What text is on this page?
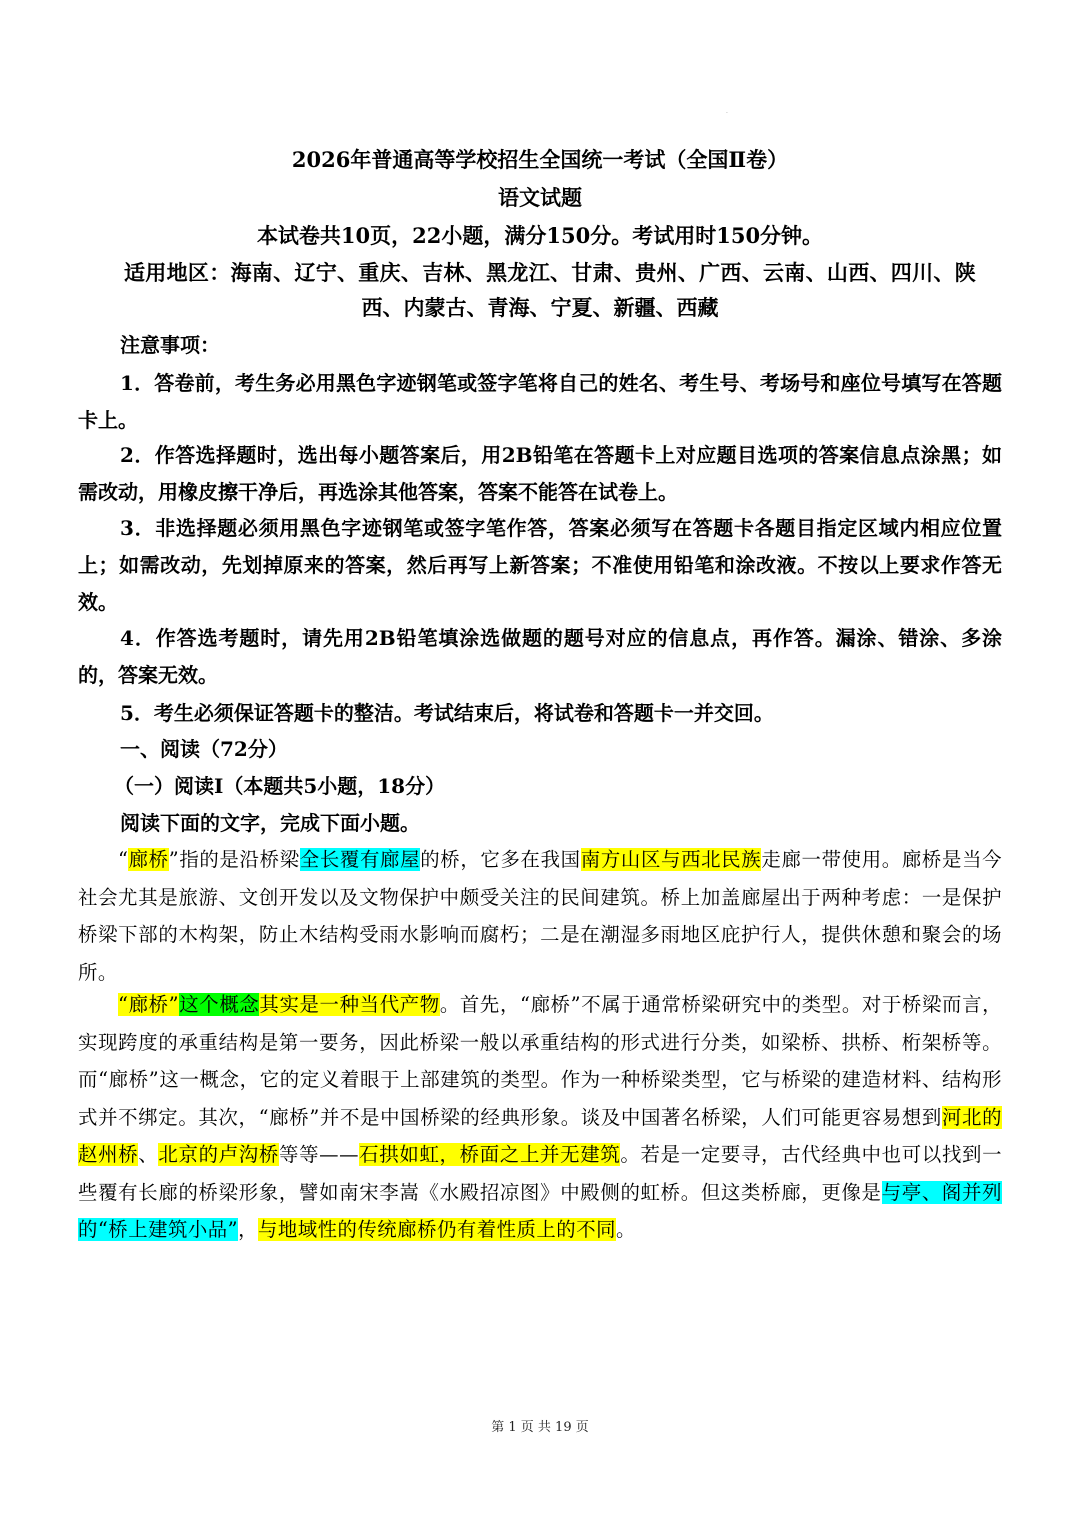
·
2026年普通高等学校招生全国统一考试（全国Ⅱ卷）
语文试题
本试卷共10页，22小题，满分150分。考试用时150分钟。
适用地区：海南、辽宁、重庆、吉林、黑龙江、甘肃、贵州、广西、云南、山西、四川、陕
西、内蒙古、青海、宁夏、新疆、西藏
注意事项：
1．答卷前，考生务必用黑色字迹钢笔或签字笔将自己的姓名、考生号、考场号和座位号填写在答题卡上。
2．作答选择题时，选出每小题答案后，用2B铅笔在答题卡上对应题目选项的答案信息点涂黑；如需改动，用橡皮擦干净后，再选涂其他答案，答案不能答在试卷上。
3．非选择题必须用黑色字迹钢笔或签字笔作答，答案必须写在答题卡各题目指定区域内相应位置上；如需改动，先划掉原来的答案，然后再写上新答案；不准使用铅笔和涂改液。不按以上要求作答无效。
4．作答选考题时，请先用2B铅笔填涂选做题的题号对应的信息点，再作答。漏涂、错涂、多涂的，答案无效。
5．考生必须保证答题卡的整洁。考试结束后，将试卷和答题卡一并交回。
一、阅读（72分）
（一）阅读I（本题共5小题，18分）
阅读下面的文字，完成下面小题。
“廊桥”指的是沿桥梁全长覆有廊屋的桥，它多在我国南方山区与西北民族走廊一带使用。廊桥是当今社会尤其是旅游、文创开发以及文物保护中颇受关注的民间建筑。桥上加盖廊屋出于两种考虑：一是保护桥梁下部的木构架，防止木结构受雨水影响而腐朽；二是在潮湿多雨地区庇护行人，提供休憩和聚会的场所。
“廊桥”这个概念其实是一种当代产物。首先，“廊桥”不属于通常桥梁研究中的类型。对于桥梁而言，实现跨度的承重结构是第一要务，因此桥梁一般以承重结构的形式进行分类，如梁桥、拱桥、桁架桥等。而“廊桥”这一概念，它的定义着眼于上部建筑的类型。作为一种桥梁类型，它与桥梁的建造材料、结构形式并不绑定。其次，“廊桥”并不是中国桥梁的经典形象。谈及中国著名桥梁，人们可能更容易想到河北的赵州桥、北京的卢沟桥等等——石拱如虹，桥面之上并无建筑。若是一定要寻，古代经典中也可以找到一些覆有长廊的桥梁形象，譬如南宋李嵩《水殿招凉图》中殿侧的虹桥。但这类桥廊，更像是与亭、阁并列的“桥上建筑小品”，与地域性的传统廊桥仍有着性质上的不同。
第 1 页 共 19 页
